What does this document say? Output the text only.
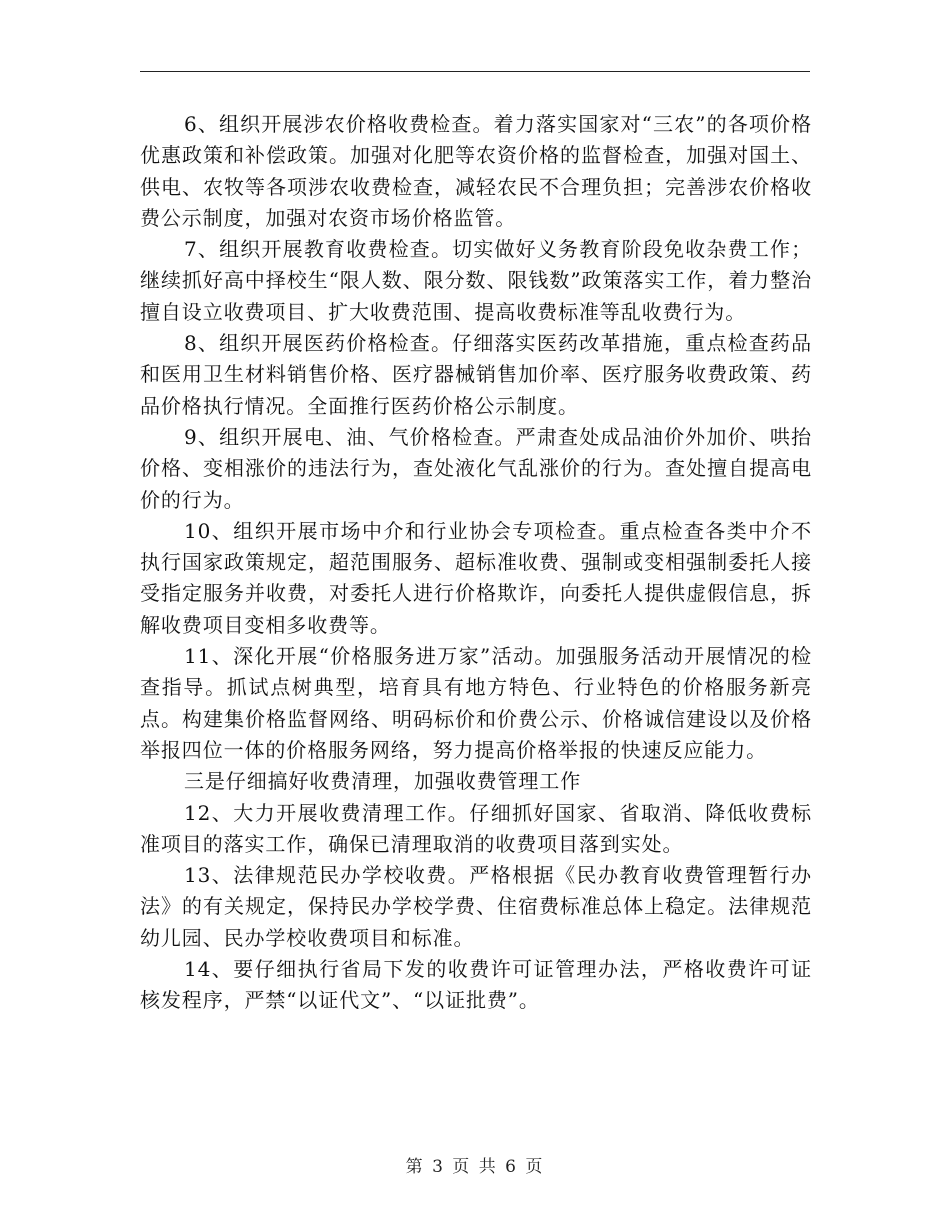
6、组织开展涉农价格收费检查。着力落实国家对“三农”的各项价格优惠政策和补偿政策。加强对化肥等农资价格的监督检查，加强对国土、供电、农牧等各项涉农收费检查，减轻农民不合理负担；完善涉农价格收费公示制度，加强对农资市场价格监管。

7、组织开展教育收费检查。切实做好义务教育阶段免收杂费工作；继续抓好高中择校生“限人数、限分数、限钱数”政策落实工作，着力整治擅自设立收费项目、扩大收费范围、提高收费标准等乱收费行为。

8、组织开展医药价格检查。仔细落实医药改革措施，重点检查药品和医用卫生材料销售价格、医疗器械销售加价率、医疗服务收费政策、药品价格执行情况。全面推行医药价格公示制度。

9、组织开展电、油、气价格检查。严肃查处成品油价外加价、哄抬价格、变相涨价的违法行为，查处液化气乱涨价的行为。查处擅自提高电价的行为。

10、组织开展市场中介和行业协会专项检查。重点检查各类中介不执行国家政策规定，超范围服务、超标准收费、强制或变相强制委托人接受指定服务并收费，对委托人进行价格欺诈，向委托人提供虚假信息，拆解收费项目变相多收费等。

11、深化开展“价格服务进万家”活动。加强服务活动开展情况的检查指导。抓试点树典型，培育具有地方特色、行业特色的价格服务新亮点。构建集价格监督网络、明码标价和价费公示、价格诚信建设以及价格举报四位一体的价格服务网络，努力提高价格举报的快速反应能力。

三是仔细搞好收费清理，加强收费管理工作

12、大力开展收费清理工作。仔细抓好国家、省取消、降低收费标准项目的落实工作，确保已清理取消的收费项目落到实处。

13、法律规范民办学校收费。严格根据《民办教育收费管理暂行办法》的有关规定，保持民办学校学费、住宿费标准总体上稳定。法律规范幼儿园、民办学校收费项目和标准。

14、要仔细执行省局下发的收费许可证管理办法，严格收费许可证核发程序，严禁“以证代文”、“以证批费”。

第 3 页 共 6 页
